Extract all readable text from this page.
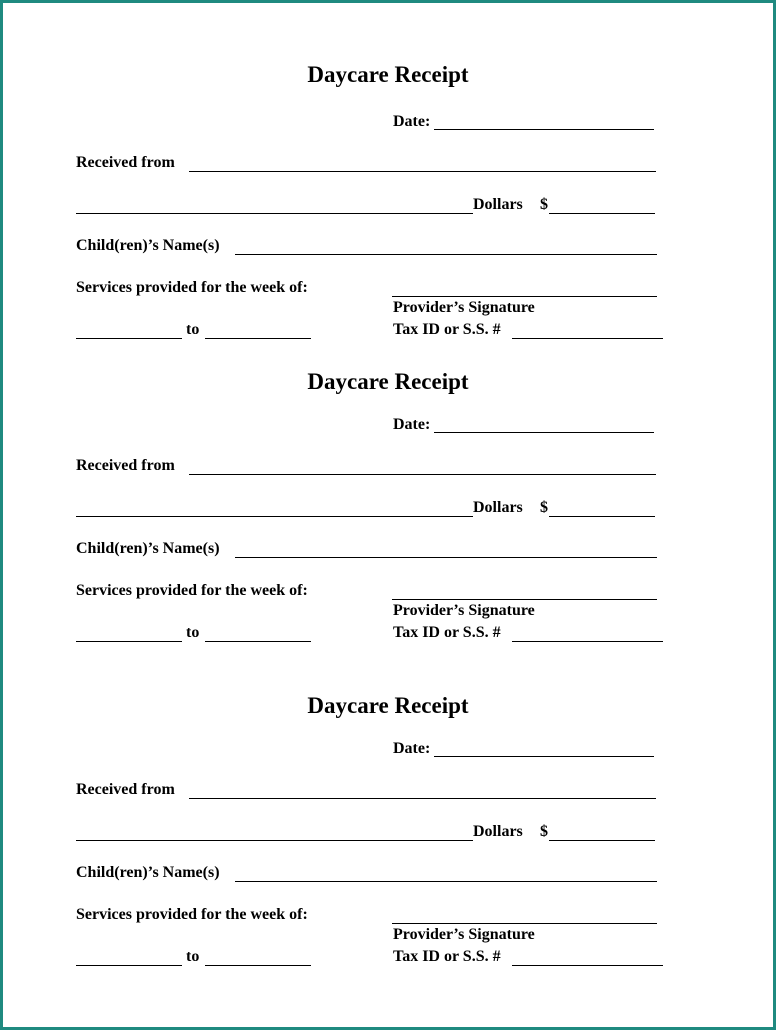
Daycare Receipt
Date:
Received from
Dollars $
Child(ren)’s Name(s)
Services provided for the week of:
Provider’s Signature
to	Tax ID or S.S. #
Daycare Receipt
Date:
Received from
Dollars $
Child(ren)’s Name(s)
Services provided for the week of:
Provider’s Signature
to	Tax ID or S.S. #
Daycare Receipt
Date:
Received from
Dollars $
Child(ren)’s Name(s)
Services provided for the week of:
Provider’s Signature
to	Tax ID or S.S. #
